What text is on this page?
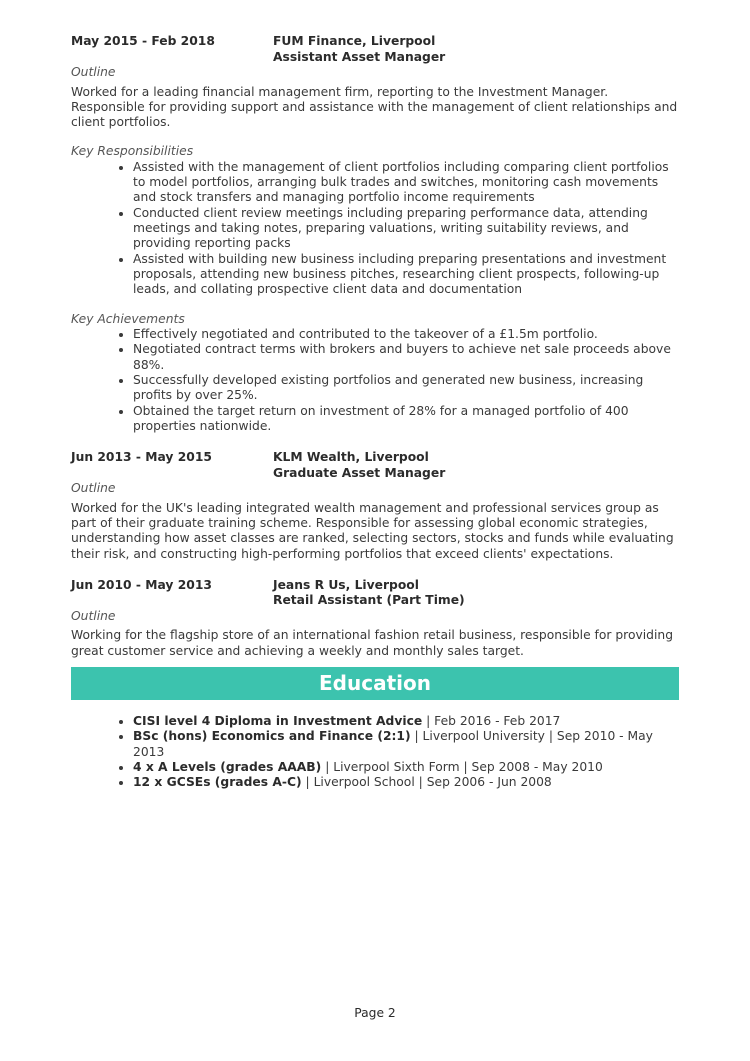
May 2015 - Feb 2018	FUM Finance, Liverpool
Assistant Asset Manager
Outline

Worked for a leading financial management firm, reporting to the Investment Manager. Responsible for providing support and assistance with the management of client relationships and client portfolios.

Key Responsibilities
• Assisted with the management of client portfolios including comparing client portfolios to model portfolios, arranging bulk trades and switches, monitoring cash movements and stock transfers and managing portfolio income requirements
• Conducted client review meetings including preparing performance data, attending meetings and taking notes, preparing valuations, writing suitability reviews, and providing reporting packs
• Assisted with building new business including preparing presentations and investment proposals, attending new business pitches, researching client prospects, following-up leads, and collating prospective client data and documentation
Key Achievements
• Effectively negotiated and contributed to the takeover of a £1.5m portfolio.
• Negotiated contract terms with brokers and buyers to achieve net sale proceeds above 88%.
• Successfully developed existing portfolios and generated new business, increasing profits by over 25%.
• Obtained the target return on investment of 28% for a managed portfolio of 400 properties nationwide.
Jun 2013 - May 2015	KLM Wealth, Liverpool
Graduate Asset Manager
Outline

Worked for the UK's leading integrated wealth management and professional services group as part of their graduate training scheme. Responsible for assessing global economic strategies, understanding how asset classes are ranked, selecting sectors, stocks and funds while evaluating their risk, and constructing high-performing portfolios that exceed clients' expectations.

Jun 2010 - May 2013	Jeans R Us, Liverpool
Retail Assistant (Part Time)
Outline

Working for the flagship store of an international fashion retail business, responsible for providing great customer service and achieving a weekly and monthly sales target.

Education
• CISI level 4 Diploma in Investment Advice | Feb 2016 - Feb 2017
• BSc (hons) Economics and Finance (2:1) | Liverpool University | Sep 2010 - May 2013
• 4 x A Levels (grades AAAB) | Liverpool Sixth Form | Sep 2008 - May 2010
• 12 x GCSEs (grades A-C) | Liverpool School | Sep 2006 - Jun 2008
Page 2
